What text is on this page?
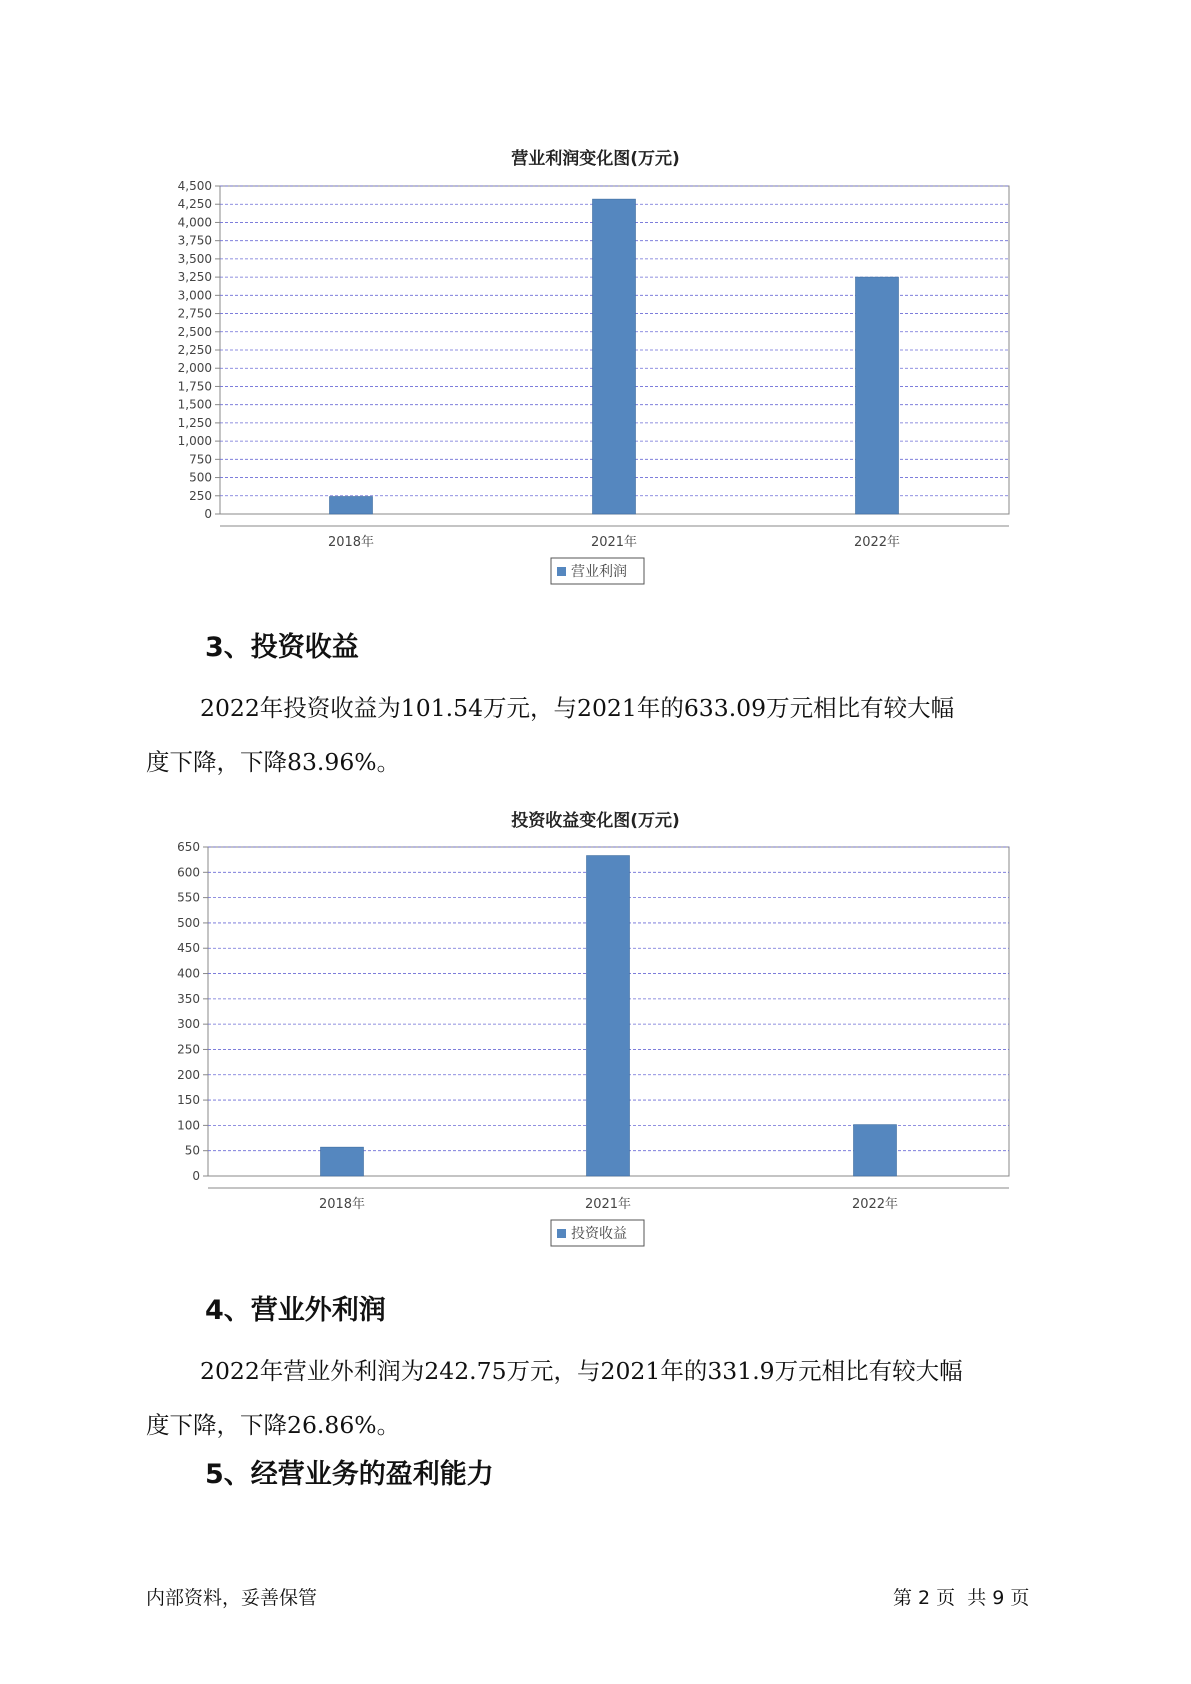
营业利润变化图(万元)
0
250
500
750
1,000
1,250
1,500
1,750
2,000
2,250
2,500
2,750
3,000
3,250
3,500
3,750
4,000
4,250
4,500
2018年	2021年	2022年
营业利润
3、投资收益
2022年投资收益为101.54万元，与2021年的633.09万元相比有较大幅
度下降，下降83.96%。
投资收益变化图(万元)
0
50
100
150
200
250
300
350
400
450
500
550
600
650
2018年	2021年	2022年
投资收益
4、营业外利润
2022年营业外利润为242.75万元，与2021年的331.9万元相比有较大幅
度下降，下降26.86%。
5、经营业务的盈利能力
内部资料，妥善保管	第 2 页  共 9 页
